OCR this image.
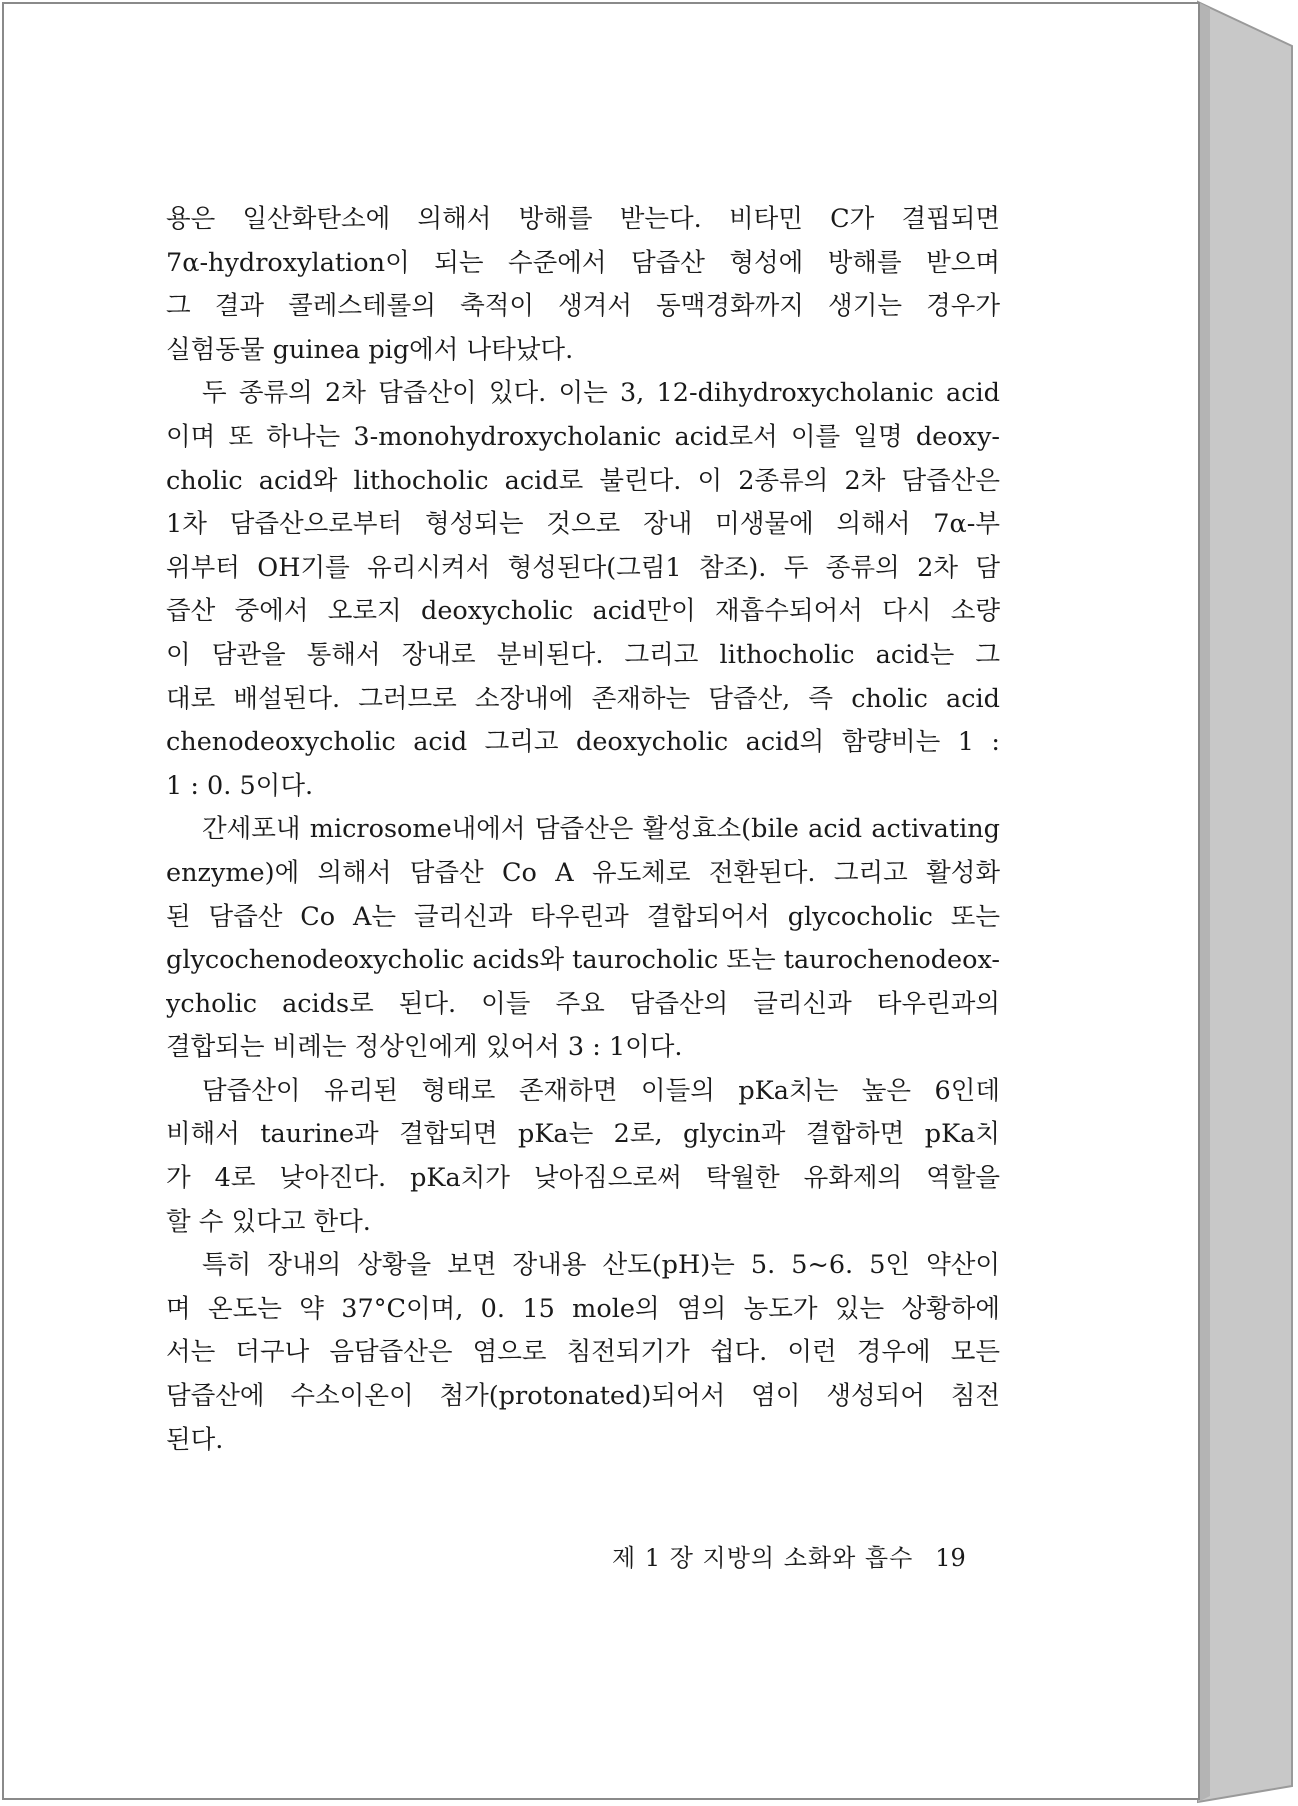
용은 일산화탄소에 의해서 방해를 받는다. 비타민 C가 결핍되면
7α-hydroxylation이 되는 수준에서 담즙산 형성에 방해를 받으며
그 결과 콜레스테롤의 축적이 생겨서 동맥경화까지 생기는 경우가
실험동물 guinea pig에서 나타났다.
두 종류의 2차 담즙산이 있다. 이는 3, 12-dihydroxycholanic acid
이며 또 하나는 3-monohydroxycholanic acid로서 이를 일명 deoxy-
cholic acid와 lithocholic acid로 불린다. 이 2종류의 2차 담즙산은
1차 담즙산으로부터 형성되는 것으로 장내 미생물에 의해서 7α-부
위부터 OH기를 유리시켜서 형성된다(그림1 참조). 두 종류의 2차 담
즙산 중에서 오로지 deoxycholic acid만이 재흡수되어서 다시 소량
이 담관을 통해서 장내로 분비된다. 그리고 lithocholic acid는 그
대로 배설된다. 그러므로 소장내에 존재하는 담즙산, 즉 cholic acid
chenodeoxycholic acid 그리고 deoxycholic acid의 함량비는 1 :
1 : 0. 5이다.
간세포내 microsome내에서 담즙산은 활성효소(bile acid activating
enzyme)에 의해서 담즙산 Co A 유도체로 전환된다. 그리고 활성화
된 담즙산 Co A는 글리신과 타우린과 결합되어서 glycocholic 또는
glycochenodeoxycholic acids와 taurocholic 또는 taurochenodeox-
ycholic acids로 된다. 이들 주요 담즙산의 글리신과 타우린과의
결합되는 비례는 정상인에게 있어서 3 : 1이다.
담즙산이 유리된 형태로 존재하면 이들의 pKa치는 높은 6인데
비해서 taurine과 결합되면 pKa는 2로, glycin과 결합하면 pKa치
가 4로 낮아진다. pKa치가 낮아짐으로써 탁월한 유화제의 역할을
할 수 있다고 한다.
특히 장내의 상황을 보면 장내용 산도(pH)는 5. 5~6. 5인 약산이
며 온도는 약 37°C이며, 0. 15 mole의 염의 농도가 있는 상황하에
서는 더구나 음담즙산은 염으로 침전되기가 쉽다. 이런 경우에 모든
담즙산에 수소이온이 첨가(protonated)되어서 염이 생성되어 침전
된다.
제 1 장 지방의 소화와 흡수 19
